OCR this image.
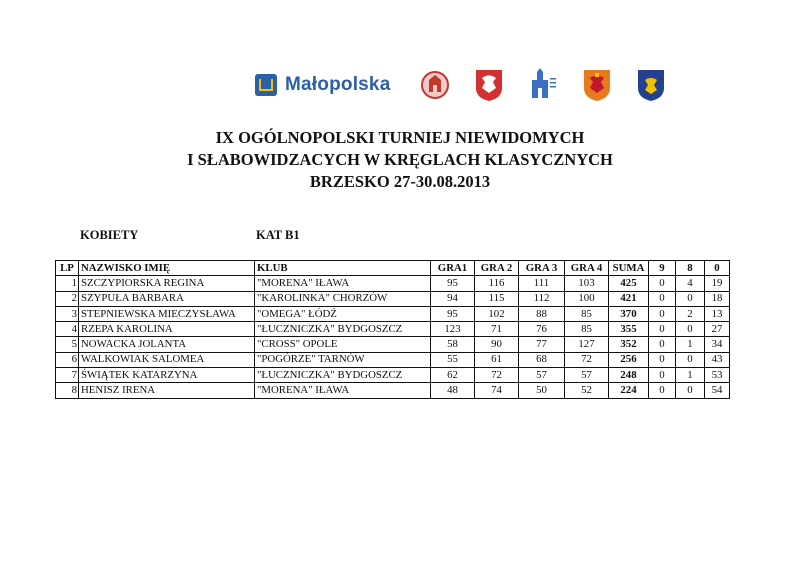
Małopolska
IX OGÓLNOPOLSKI TURNIEJ NIEWIDOMYCH
I SŁABOWIDZACYCH W KRĘGLACH KLASYCZNYCH
BRZESKO 27-30.08.2013
KOBIETY	KAT B1
LP	NAZWISKO IMIĘ	KLUB	GRA1	GRA 2	GRA 3	GRA 4	SUMA	9	8	0
1	SZCZYPIORSKA REGINA	"MORENA" IŁAWA	95	116	111	103	425	0	4	19
2	SZYPUŁA BARBARA	"KAROLINKA" CHORZÓW	94	115	112	100	421	0	0	18
3	STEPNIEWSKA MIECZYSŁAWA	"OMEGA" ŁÓDŹ	95	102	88	85	370	0	2	13
4	RZEPA KAROLINA	"ŁUCZNICZKA" BYDGOSZCZ	123	71	76	85	355	0	0	27
5	NOWACKA JOLANTA	"CROSS" OPOLE	58	90	77	127	352	0	1	34
6	WALKOWIAK SALOMEA	"POGÓRZE" TARNÓW	55	61	68	72	256	0	0	43
7	ŚWIĄTEK KATARZYNA	"ŁUCZNICZKA" BYDGOSZCZ	62	72	57	57	248	0	1	53
8	HENISZ IRENA	"MORENA" IŁAWA	48	74	50	52	224	0	0	54
